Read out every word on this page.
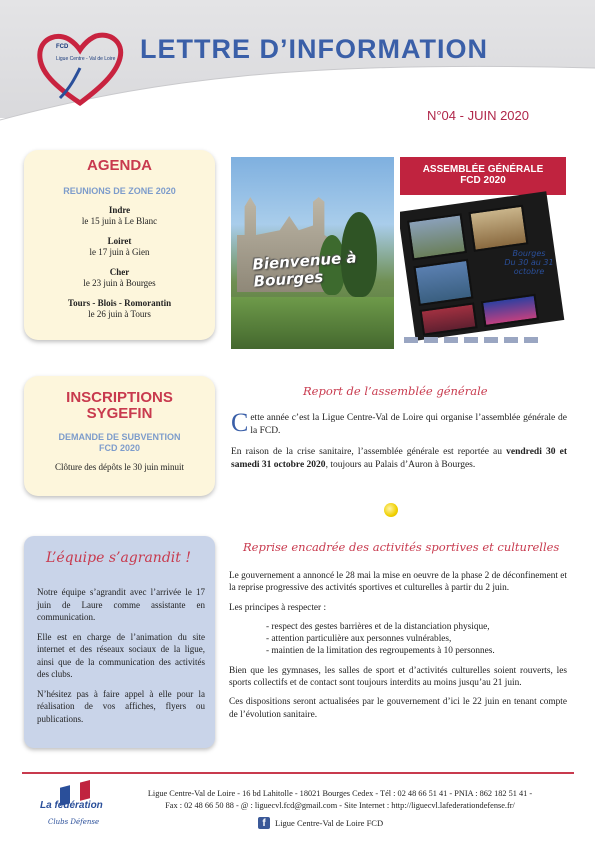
FCD
Ligue Centre - Val de Loire LETTRE D’INFORMATION
N°04 - JUIN 2020
AGENDA
REUNIONS DE ZONE 2020
Indre
le 15 juin à Le Blanc
Loiret
le 17 juin à Gien
Cher
le 23 juin à Bourges
Tours - Blois - Romorantin
le 26 juin à Tours
INSCRIPTIONS
SYGEFIN
DEMANDE DE SUBVENTION
FCD 2020
Clôture des dépôts le 30 juin minuit
L’équipe s’agrandit !

Notre équipe s’agrandit avec l’arrivée le 17 juin de Laure comme assistante en communication.

Elle est en charge de l’animation du site internet et des réseaux sociaux de la ligue, ainsi que de la communication des activités des clubs.

N’hésitez pas à faire appel à elle pour la réalisation de vos affiches, flyers ou publications.

Bienvenue à
Bourges
ASSEMBLÉE GÉNÉRALE
FCD 2020
Bourges
Du 30 au 31 octobre
Report de l’assemblée générale

Cette année c’est la Ligue Centre-Val de Loire qui organise l’assemblée générale de la FCD.

En raison de la crise sanitaire, l’assemblée générale est reportée au vendredi 30 et samedi 31 octobre 2020, toujours au Palais d’Auron à Bourges.

Reprise encadrée des activités sportives et culturelles

Le gouvernement a annoncé le 28 mai la mise en oeuvre de la phase 2 de déconfinement et la reprise progressive des activités sportives et culturelles à partir du 2 juin.

Les principes à respecter :

- respect des gestes barrières et de la distanciation physique,
- attention particulière aux personnes vulnérables,
- maintien de la limitation des regroupements à 10 personnes.

Bien que les gymnases, les salles de sport et d’activités culturelles soient rouverts, les sports collectifs et de contact sont toujours interdits au moins jusqu’au 21 juin.

Ces dispositions seront actualisées par le gouvernement d’ici le 22 juin en tenant compte de l’évolution sanitaire.

La fédération
Clubs Défense
Ligue Centre-Val de Loire - 16 bd Lahitolle - 18021 Bourges Cedex - Tél : 02 48 66 51 41 - PNIA : 862 182 51 41 -
Fax : 02 48 66 50 88 - @ : liguecvl.fcd@gmail.com - Site Internet : http://liguecvl.lafederationdefense.fr/
f	Ligue Centre-Val de Loire FCD
